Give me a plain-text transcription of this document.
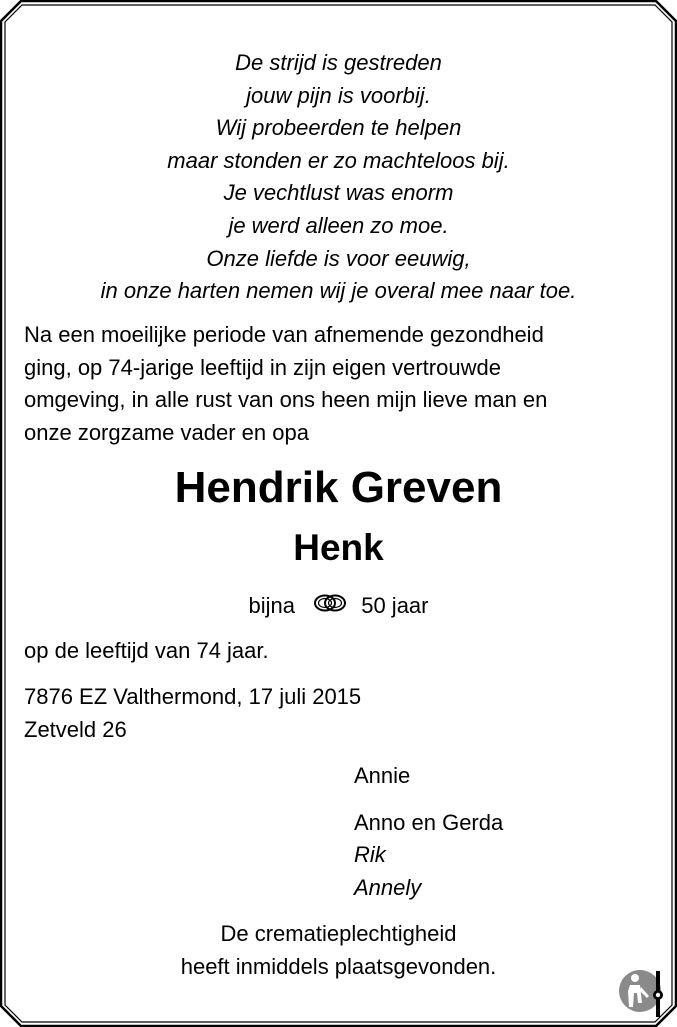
De strijd is gestreden
jouw pijn is voorbij.
Wij probeerden te helpen
maar stonden er zo machteloos bij.
Je vechtlust was enorm
je werd alleen zo moe.
Onze liefde is voor eeuwig,
in onze harten nemen wij je overal mee naar toe.
Na een moeilijke periode van afnemende gezondheid
ging, op 74-jarige leeftijd in zijn eigen vertrouwde
omgeving, in alle rust van ons heen mijn lieve man en
onze zorgzame vader en opa
Hendrik Greven
Henk
bijna	50 jaar
op de leeftijd van 74 jaar.
7876 EZ Valthermond, 17 juli 2015
Zetveld 26
Annie
Anno en Gerda
Rik
Annely
De crematieplechtigheid
heeft inmiddels plaatsgevonden.
